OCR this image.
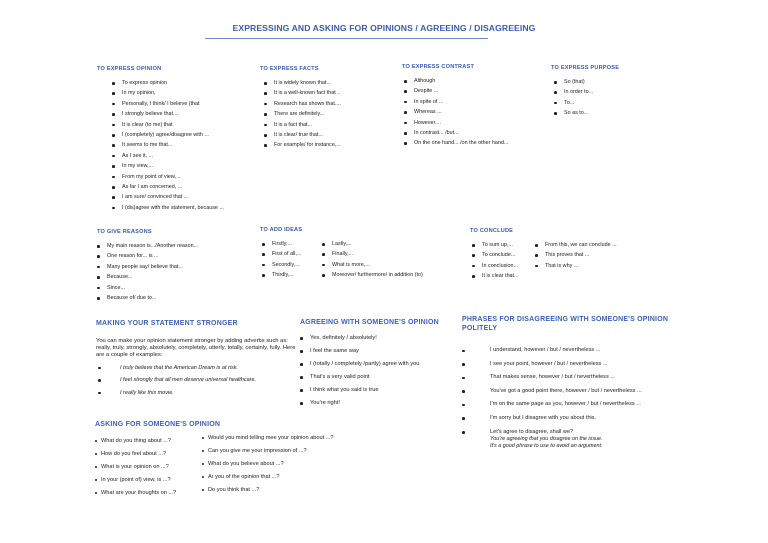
EXPRESSING AND ASKING FOR OPINIONS / AGREEING / DISAGREEING
TO EXPRESS OPINION
To express opinion
In my opinion,
Personally, I think/ I believe (that
I strongly believe that....
It is clear (to me) that
I (completely) agree/disagree with ...
It seems to me that...
As I see it, ...
In my view,...
From my point of view, ..
As far I am concerned, ...
I am sure/ convinced that ...
I (dis)agree with the statement, because ...
TO EXPRESS FACTS
It is widely known that...
It is a well-known fact that ..
Research has shown that....
There are definitely...
It is a fact that...
It is clear/ true that...
For example/ for instance,...
TO EXPRESS CONTRAST
Although
Despite ...
In spite of ...
Whereas ...
However....
In contrast... /but...
On the one hand... /on the other hand...
TO EXPRESS PURPOSE
So (that)
In order to...
To...
So as to...
TO GIVE REASONS
My main reason is.../Another reason...
One reason for... is ...
Many people say/ believe that...
Because...
Since...
Because of/ due to...
TO ADD IDEAS
Firstly,...
First of all,...
Secondly,...
Thirdly,...
Lastly,...
Finally,...
What is more,...
Moreover/ furthermore/ in addition (to)
TO CONCLUDE
To sum up,...
To conclude...
In conclusion...
It is clear that...
From this, we can conclude ...
This proves that ...
That is why ...
MAKING YOUR STATEMENT STRONGER
You can make your opinion statement stronger by adding adverbs such as: really, truly, strongly, absolutely, completely, utterly, totally, certainly, fully. Here are a couple of examples:
I truly believe that the American Dream is at risk.
I feel strongly that all men deserve universal healthcare.
I really like this movie.
AGREEING WITH SOMEONE'S OPINION
Yes, definitely / absolutely!
I feel the same way
I (totally / completely /partly) agree with you
That's a very valid point
I think what you said is true
You're right!
PHRASES FOR DISAGREEING WITH SOMEONE'S OPINION POLITELY
I understand, however / but / nevertheless ...
I see your point, however / but / nevertheless ...
That makes sense, however / but / nevertheless ...
You've got a good point there, however / but / nevertheless ...
I'm on the same page as you, however / but / nevertheless ...
I'm sorry but I disagree with you about this.
Let's agree to disagree, shall we?
You're agreeing that you disagree on the issue.
It's a good phrase to use to avoid an argument.
ASKING FOR SOMEONE'S OPINION
What do you thing about ...?
How do you feel about ...?
What is your opinion on ...?
In your (point of) view, is ...?
What are your thoughts on ...?
Would you mind telling mee your opinion about ...?
Can you give me your impression of ...?
What do you believe about ...?
Ar you of the opinion that ...?
Do you think that ...?
